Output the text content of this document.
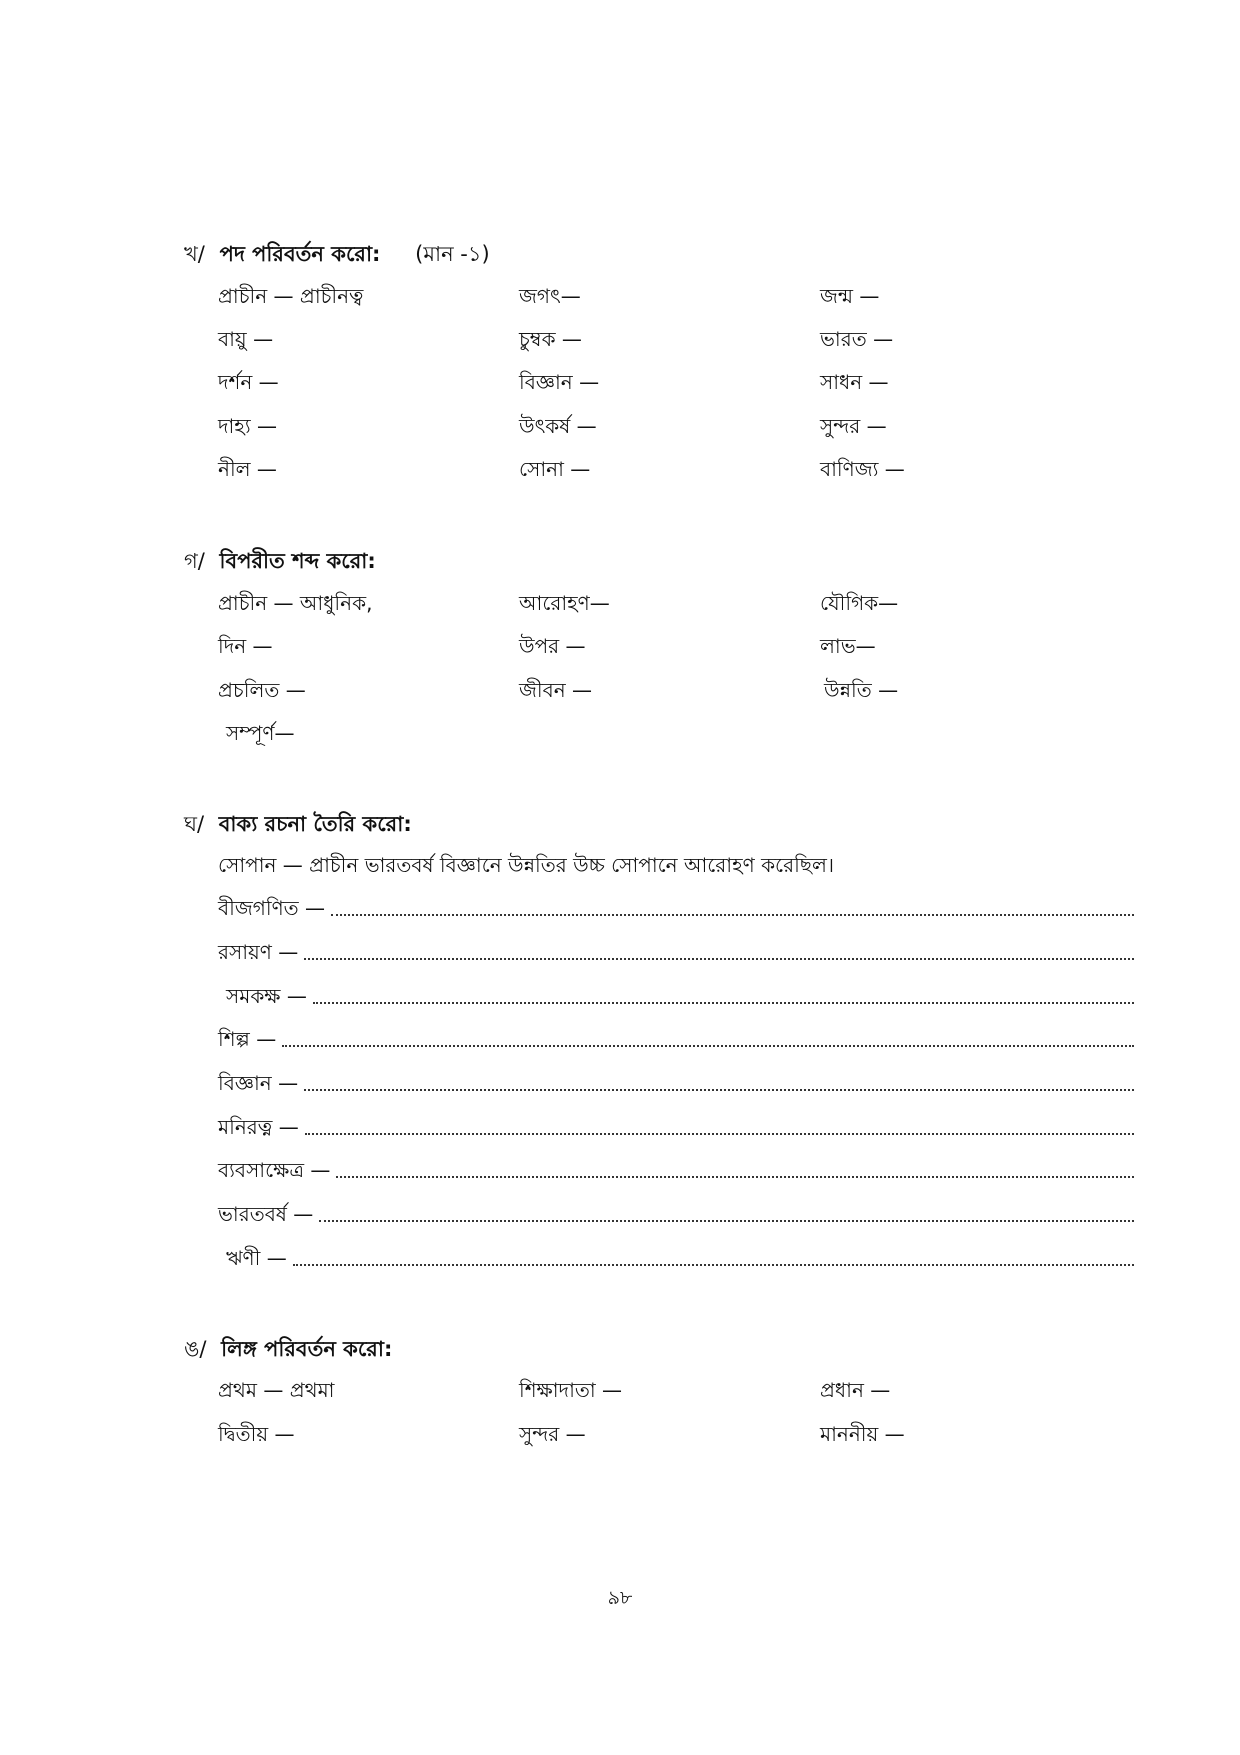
খ/ পদ পরিবর্তন করো: (মান -১)
প্রাচীন — প্রাচীনত্ব	জগৎ—	জন্ম —
বায়ু —	চুম্বক —	ভারত —
দর্শন —	বিজ্ঞান —	সাধন —
দাহ্য —	উৎকর্ষ —	সুন্দর —
নীল —	সোনা —	বাণিজ্য —
গ/ বিপরীত শব্দ করো:
প্রাচীন — আধুনিক,	আরোহণ—	যৌগিক—
দিন —	উপর —	লাভ—
প্রচলিত —	জীবন —	উন্নতি —
সম্পূর্ণ—
ঘ/ বাক্য রচনা তৈরি করো:
সোপান — প্রাচীন ভারতবর্ষ বিজ্ঞানে উন্নতির উচ্চ সোপানে আরোহণ করেছিল।
বীজগণিত —
রসায়ণ —
সমকক্ষ —
শিল্প —
বিজ্ঞান —
মনিরত্ন —
ব্যবসাক্ষেত্র —
ভারতবর্ষ —
ঋণী —
ঙ/ লিঙ্গ পরিবর্তন করো:
প্রথম — প্রথমা	শিক্ষাদাতা —	প্রধান —
দ্বিতীয় —	সুন্দর —	মাননীয় —
৯৮
